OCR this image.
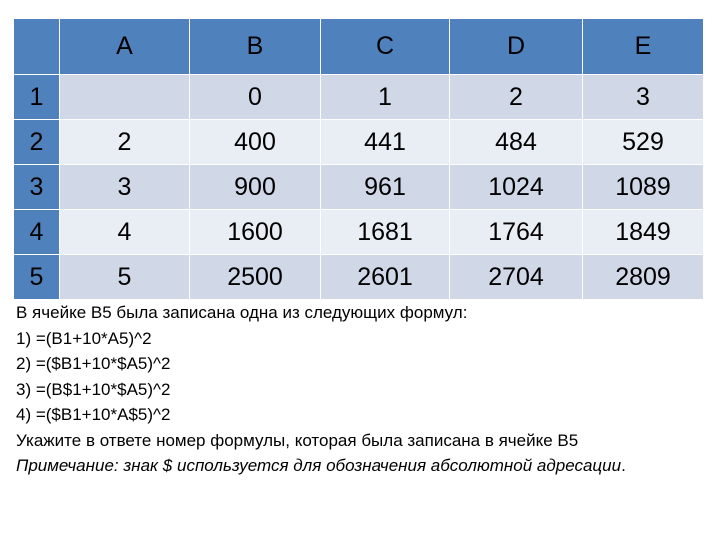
	A	B	C	D	E
1		0	1	2	3
2	2	400	441	484	529
3	3	900	961	1024	1089
4	4	1600	1681	1764	1849
5	5	2500	2601	2704	2809
В ячейке B5 была записана одна из следующих формул:
1) =(B1+10*A5)^2
2) =($B1+10*$A5)^2
3) =(B$1+10*$A5)^2
4) =($B1+10*A$5)^2
Укажите в ответе номер формулы, которая была записана в ячейке B5
Примечание: знак $ используется для обозначения абсолютной адресации.
